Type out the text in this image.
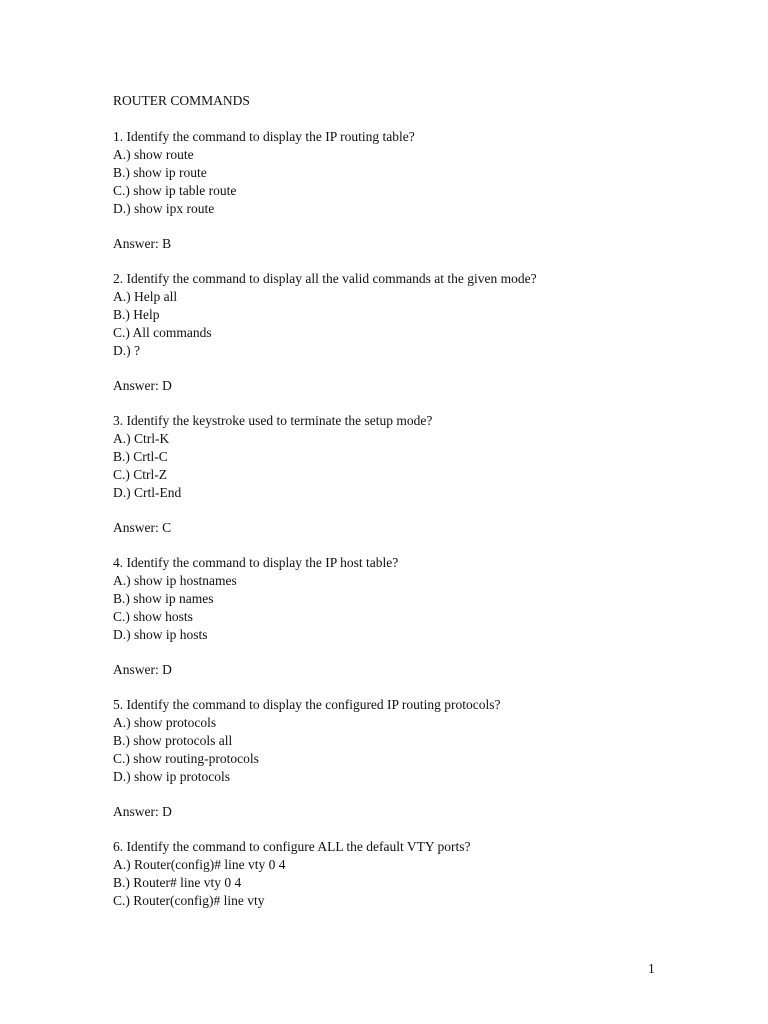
ROUTER COMMANDS
1. Identify the command to display the IP routing table?
A.) show route
B.) show ip route
C.) show ip table route
D.) show ipx route
Answer: B
2. Identify the command to display all the valid commands at the given mode?
A.) Help all
B.) Help
C.) All commands
D.) ?
Answer: D
3. Identify the keystroke used to terminate the setup mode?
A.) Ctrl-K
B.) Crtl-C
C.) Ctrl-Z
D.) Crtl-End
Answer: C
4. Identify the command to display the IP host table?
A.) show ip hostnames
B.) show ip names
C.) show hosts
D.) show ip hosts
Answer: D
5. Identify the command to display the configured IP routing protocols?
A.) show protocols
B.) show protocols all
C.) show routing-protocols
D.) show ip protocols
Answer: D
6. Identify the command to configure ALL the default VTY ports?
A.) Router(config)# line vty 0 4
B.) Router# line vty 0 4
C.) Router(config)# line vty
1
